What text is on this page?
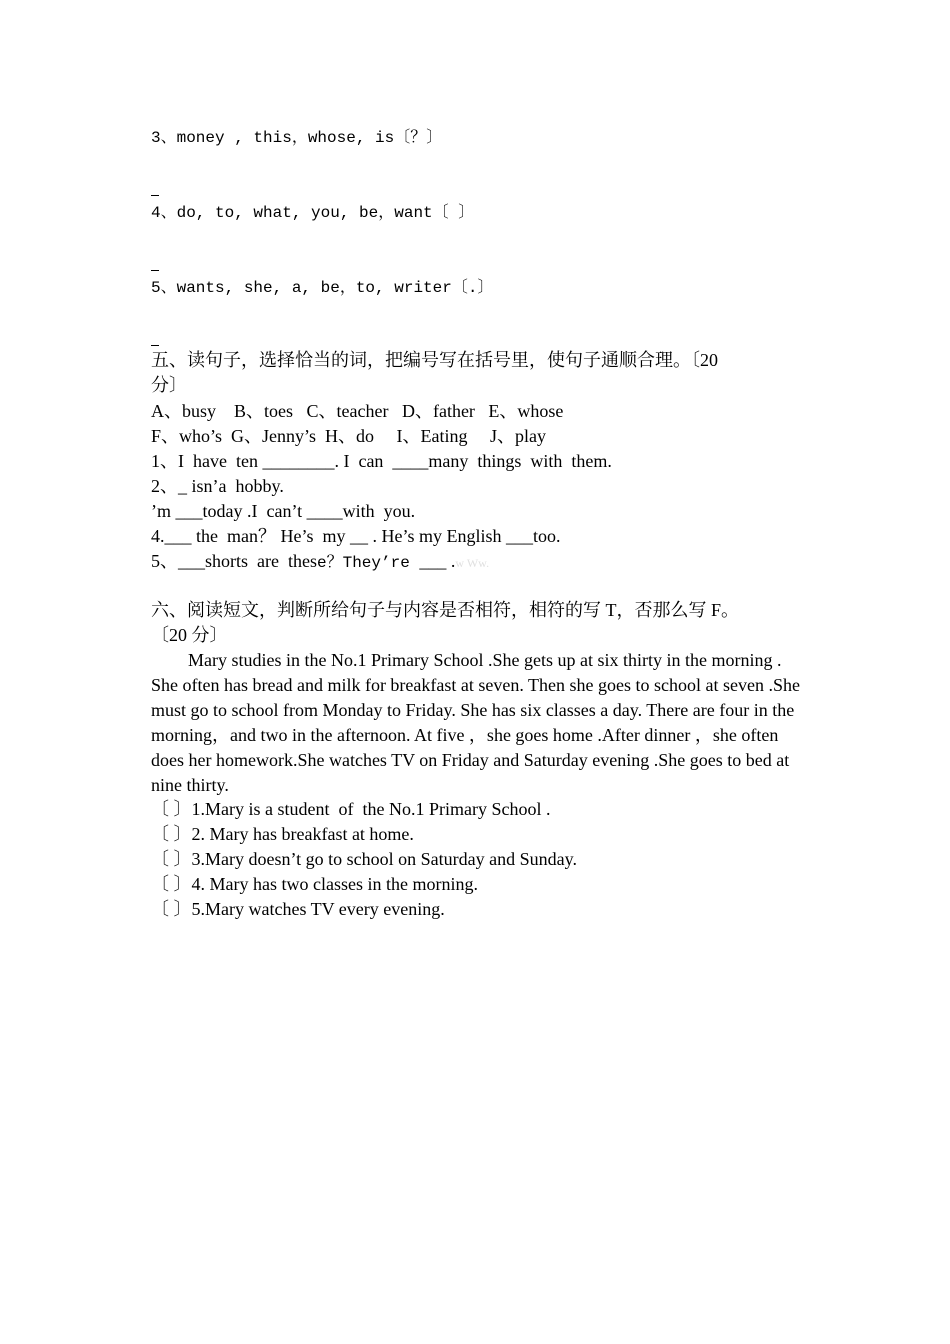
3、money , this，whose, is〔？〕
4、do, to, what, you, be，want〔 〕
5、wants, she, a, be，to, writer〔.〕
五、读句子，选择恰当的词，把编号写在括号里，使句子通顺合理。〔20
分〕
A、busy    B、toes   C、teacher   D、father   E、whose
F、who’s  G、Jenny’s  H、do     I、Eating     J、play
1、I  have  ten ________. I  can  ____many  things  with  them.
2、_ isn’a  hobby.
’m ___today .I  can’t ____with  you.
4.___ the  man？ He’s  my __ . He’s my English ___too.
5、___shorts  are  these？They’re ___ .w Ww.
六、阅读短文，判断所给句子与内容是否相符，相符的写 T，否那么写 F。
〔20 分〕
Mary studies in the No.1 Primary School .She gets up at six thirty in the morning . She often has bread and milk for breakfast at seven. Then she goes to school at seven .She must go to school from Monday to Friday. She has six classes a day. There are four in the morning，and two in the afternoon. At five ，she goes home .After dinner ，she often does her homework.She watches TV on Friday and Saturday evening .She goes to bed at nine thirty.
〔 〕1.Mary is a student  of  the No.1 Primary School .
〔 〕2. Mary has breakfast at home.
〔 〕3.Mary doesn’t go to school on Saturday and Sunday.
〔 〕4. Mary has two classes in the morning.
〔 〕5.Mary watches TV every evening.
